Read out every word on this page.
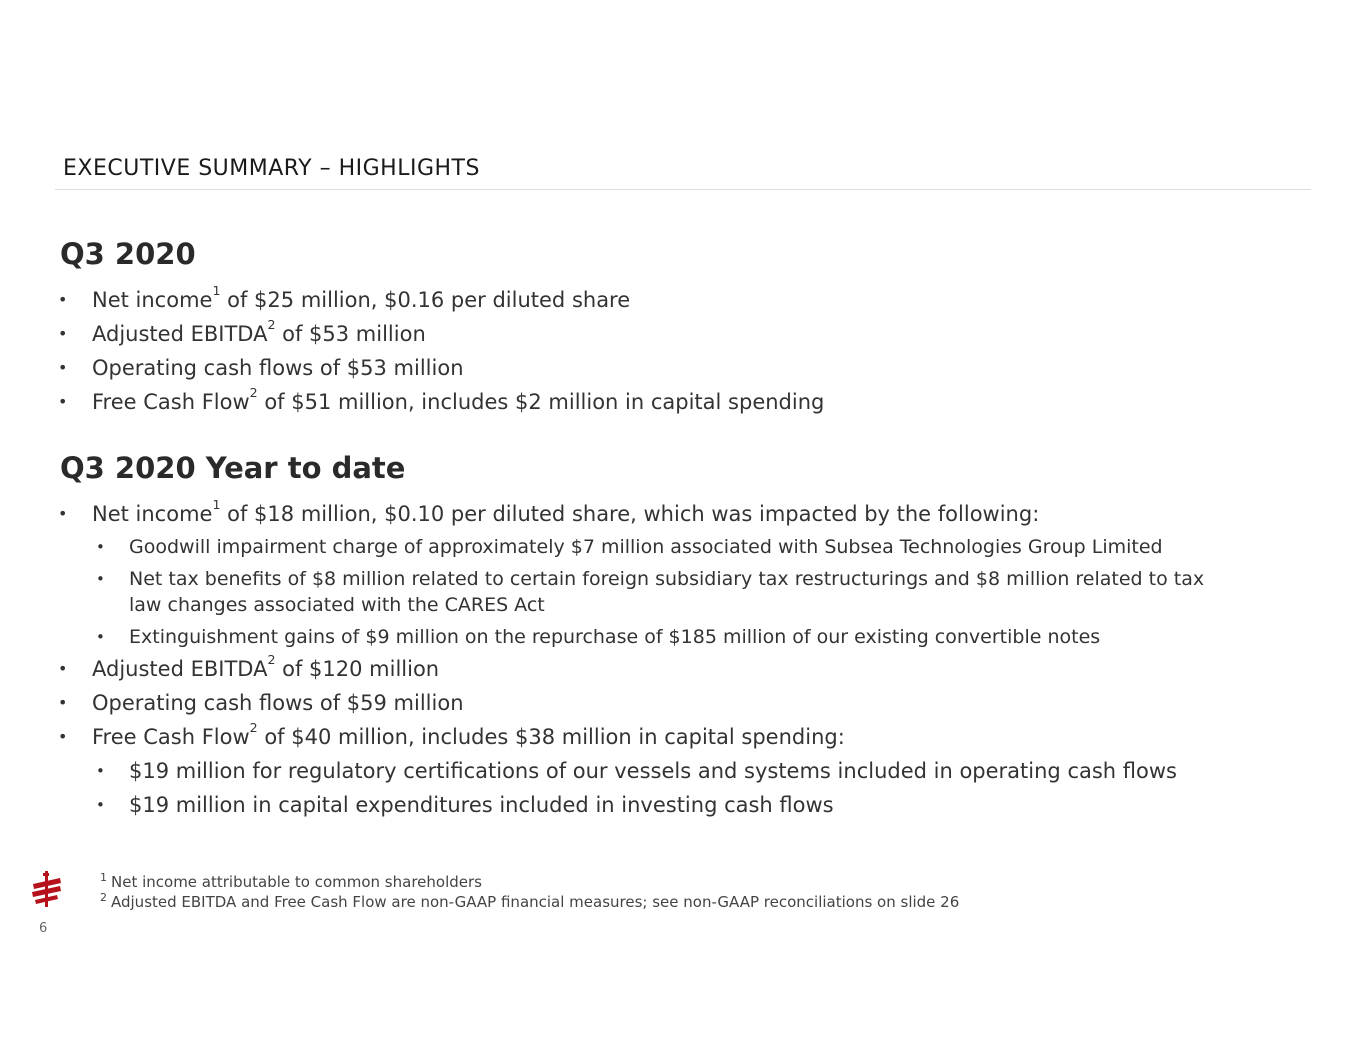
EXECUTIVE SUMMARY – HIGHLIGHTS
Q3 2020
• Net income$^1$ of $25 million, $0.16 per diluted share
• Adjusted EBITDA$^2$ of $53 million
• Operating cash flows of $53 million
• Free Cash Flow$^2$ of $51 million, includes $2 million in capital spending
Q3 2020 Year to date
• Net income$^1$ of $18 million, $0.10 per diluted share, which was impacted by the following:
• Goodwill impairment charge of approximately $7 million associated with Subsea Technologies Group Limited
• Net tax benefits of $8 million related to certain foreign subsidiary tax restructurings and $8 million related to tax
law changes associated with the CARES Act
• Extinguishment gains of $9 million on the repurchase of $185 million of our existing convertible notes
• Adjusted EBITDA$^2$ of $120 million
• Operating cash flows of $59 million
• Free Cash Flow$^2$ of $40 million, includes $38 million in capital spending:
• $19 million for regulatory certifications of our vessels and systems included in operating cash flows
• $19 million in capital expenditures included in investing cash flows
$^1$ Net income attributable to common shareholders
$^2$ Adjusted EBITDA and Free Cash Flow are non-GAAP financial measures; see non-GAAP reconciliations on slide 26
6
